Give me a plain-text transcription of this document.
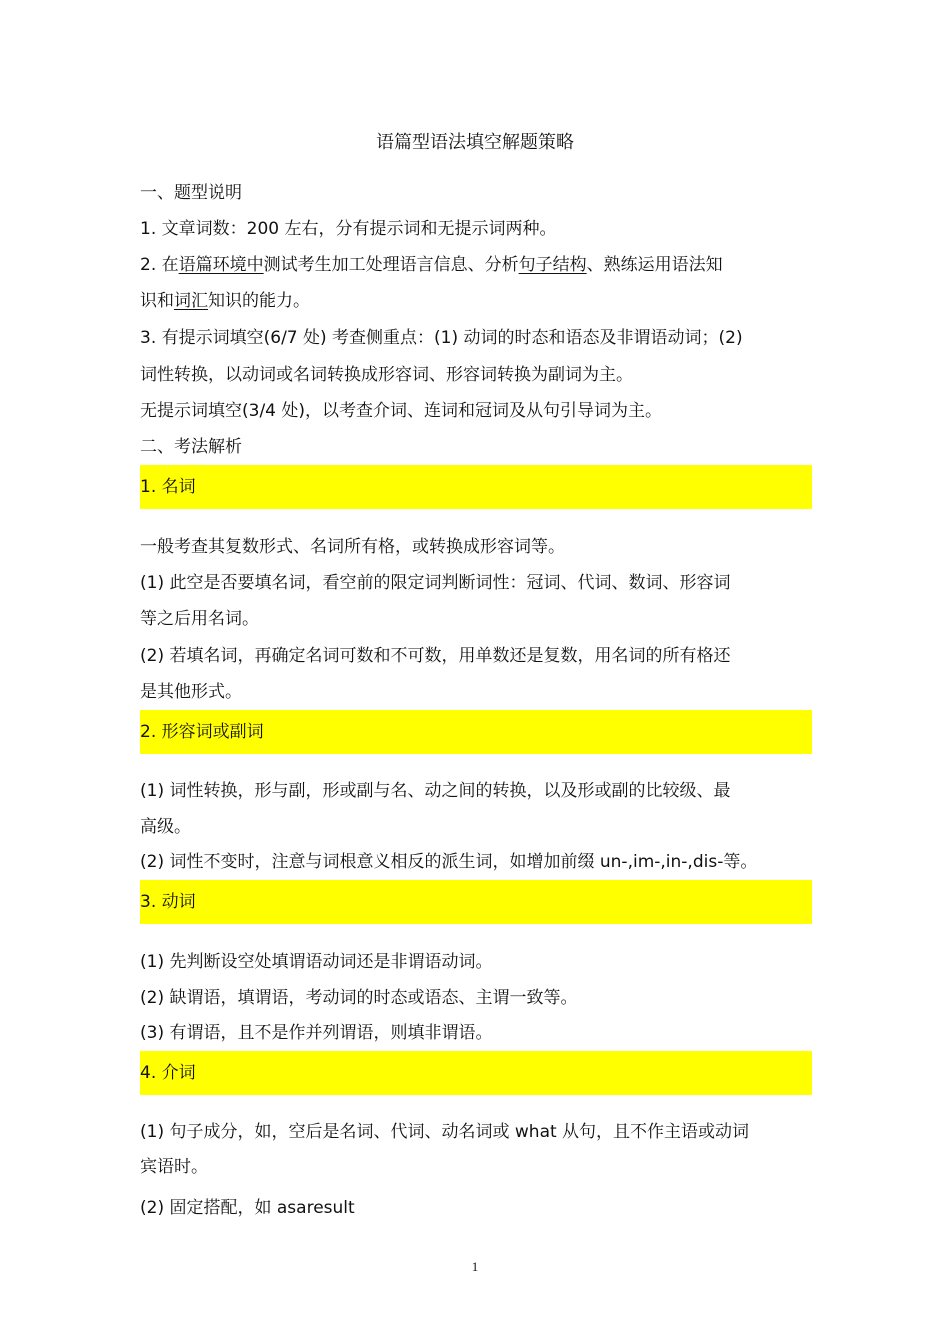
语篇型语法填空解题策略
一、题型说明
1. 文章词数：200 左右，分有提示词和无提示词两种。
2. 在语篇环境中测试考生加工处理语言信息、分析句子结构、熟练运用语法知
识和词汇知识的能力。
3. 有提示词填空(6/7 处) 考查侧重点：(1) 动词的时态和语态及非谓语动词；(2)
词性转换，以动词或名词转换成形容词、形容词转换为副词为主。
无提示词填空(3/4 处)，以考查介词、连词和冠词及从句引导词为主。
二、考法解析
1. 名词
一般考查其复数形式、名词所有格，或转换成形容词等。
(1) 此空是否要填名词，看空前的限定词判断词性：冠词、代词、数词、形容词
等之后用名词。
(2) 若填名词，再确定名词可数和不可数，用单数还是复数，用名词的所有格还
是其他形式。
2. 形容词或副词
(1) 词性转换，形与副，形或副与名、动之间的转换，以及形或副的比较级、最
高级。
(2) 词性不变时，注意与词根意义相反的派生词，如增加前缀 un-,im-,in-,dis-等。
3. 动词
(1) 先判断设空处填谓语动词还是非谓语动词。
(2) 缺谓语，填谓语，考动词的时态或语态、主谓一致等。
(3) 有谓语，且不是作并列谓语，则填非谓语。
4. 介词
(1) 句子成分，如，空后是名词、代词、动名词或 what 从句，且不作主语或动词
宾语时。
(2) 固定搭配，如 asaresult
1
